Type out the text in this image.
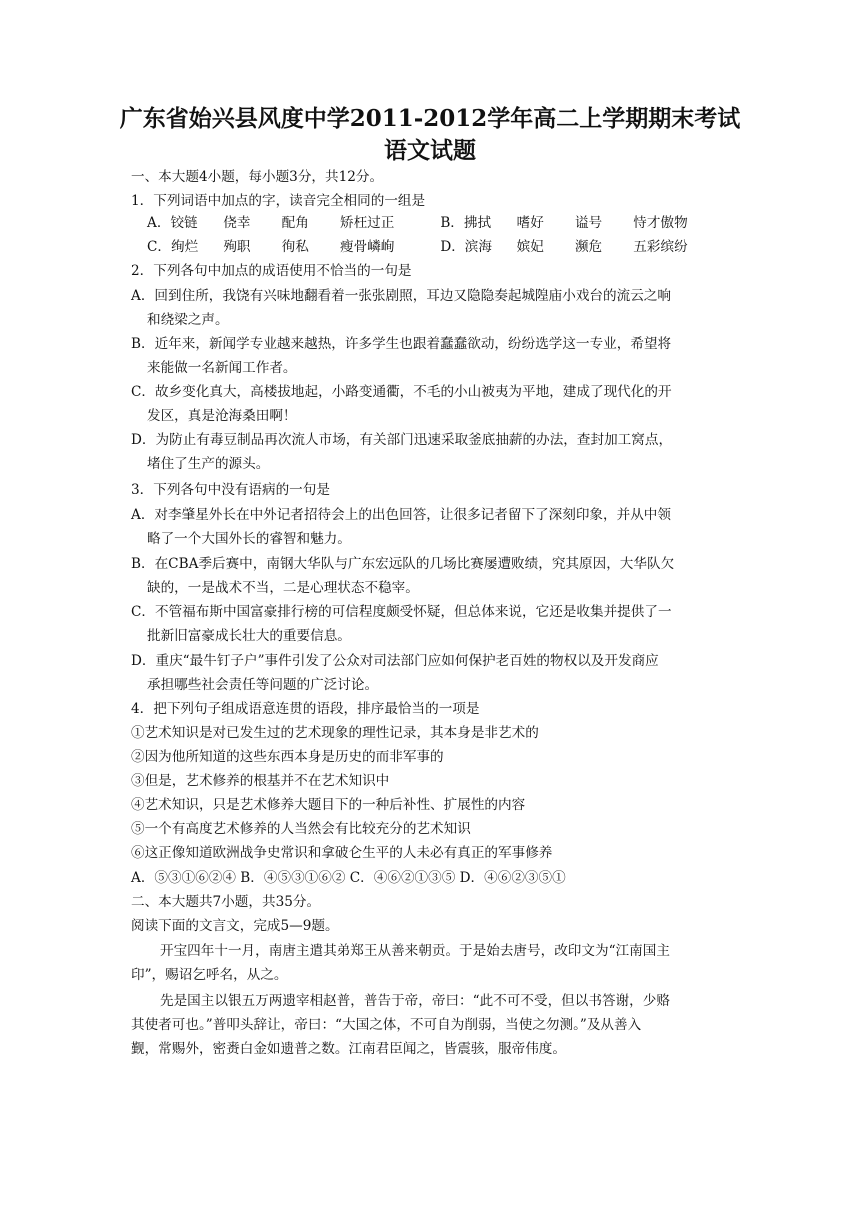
广东省始兴县风度中学2011-2012学年高二上学期期末考试
语文试题
一、本大题4小题，每小题3分，共12分。
1．下列词语中加点的字，读音完全相同的一组是
A．铰链 侥幸 配角 矫枉过正	B．拂拭 嗜好 谥号 恃才傲物
C．绚烂 殉职 徇私 瘦骨嶙峋	D．滨海 嫔妃 濒危 五彩缤纷
2．下列各句中加点的成语使用不恰当的一句是
A．回到住所，我饶有兴味地翻看着一张张剧照，耳边又隐隐奏起城隍庙小戏台的流云之响
和绕梁之声。
B．近年来，新闻学专业越来越热，许多学生也跟着蠢蠢欲动，纷纷选学这一专业，希望将
来能做一名新闻工作者。
C．故乡变化真大，高楼拔地起，小路变通衢，不毛的小山被夷为平地，建成了现代化的开
发区，真是沧海桑田啊！
D．为防止有毒豆制品再次流人市场，有关部门迅速采取釜底抽薪的办法，查封加工窝点，
堵住了生产的源头。
3．下列各句中没有语病的一句是
A．对李肇星外长在中外记者招待会上的出色回答，让很多记者留下了深刻印象，并从中领
略了一个大国外长的睿智和魅力。
B．在CBA季后赛中，南钢大华队与广东宏远队的几场比赛屡遭败绩，究其原因，大华队欠
缺的，一是战术不当，二是心理状态不稳宰。
C．不管福布斯中国富豪排行榜的可信程度颇受怀疑，但总体来说，它还是收集并提供了一
批新旧富豪成长壮大的重要信息。
D．重庆“最牛钉子户”事件引发了公众对司法部门应如何保护老百姓的物权以及开发商应
承担哪些社会责任等问题的广泛讨论。
4．把下列句子组成语意连贯的语段，排序最恰当的一项是
①艺术知识是对已发生过的艺术现象的理性记录，其本身是非艺术的
②因为他所知道的这些东西本身是历史的而非军事的
③但是，艺术修养的根基并不在艺术知识中
④艺术知识，只是艺术修养大题目下的一种后补性、扩展性的内容
⑤一个有高度艺术修养的人当然会有比较充分的艺术知识
⑥这正像知道欧洲战争史常识和拿破仑生平的人未必有真正的军事修养
A．⑤③①⑥②④ B．④⑤③①⑥② C．④⑥②①③⑤ D．④⑥②③⑤①
二、本大题共7小题，共35分。
阅读下面的文言文，完成5—9题。
开宝四年十一月，南唐主遣其弟郑王从善来朝贡。于是始去唐号，改印文为“江南国主
印”，赐诏乞呼名，从之。
先是国主以银五万两遗宰相赵普，普告于帝，帝曰：“此不可不受，但以书答谢，少赂
其使者可也。”普叩头辞让，帝曰：“大国之体，不可自为削弱，当使之勿测。”及从善入
觐，常赐外，密赉白金如遗普之数。江南君臣闻之，皆震骇，服帝伟度。
